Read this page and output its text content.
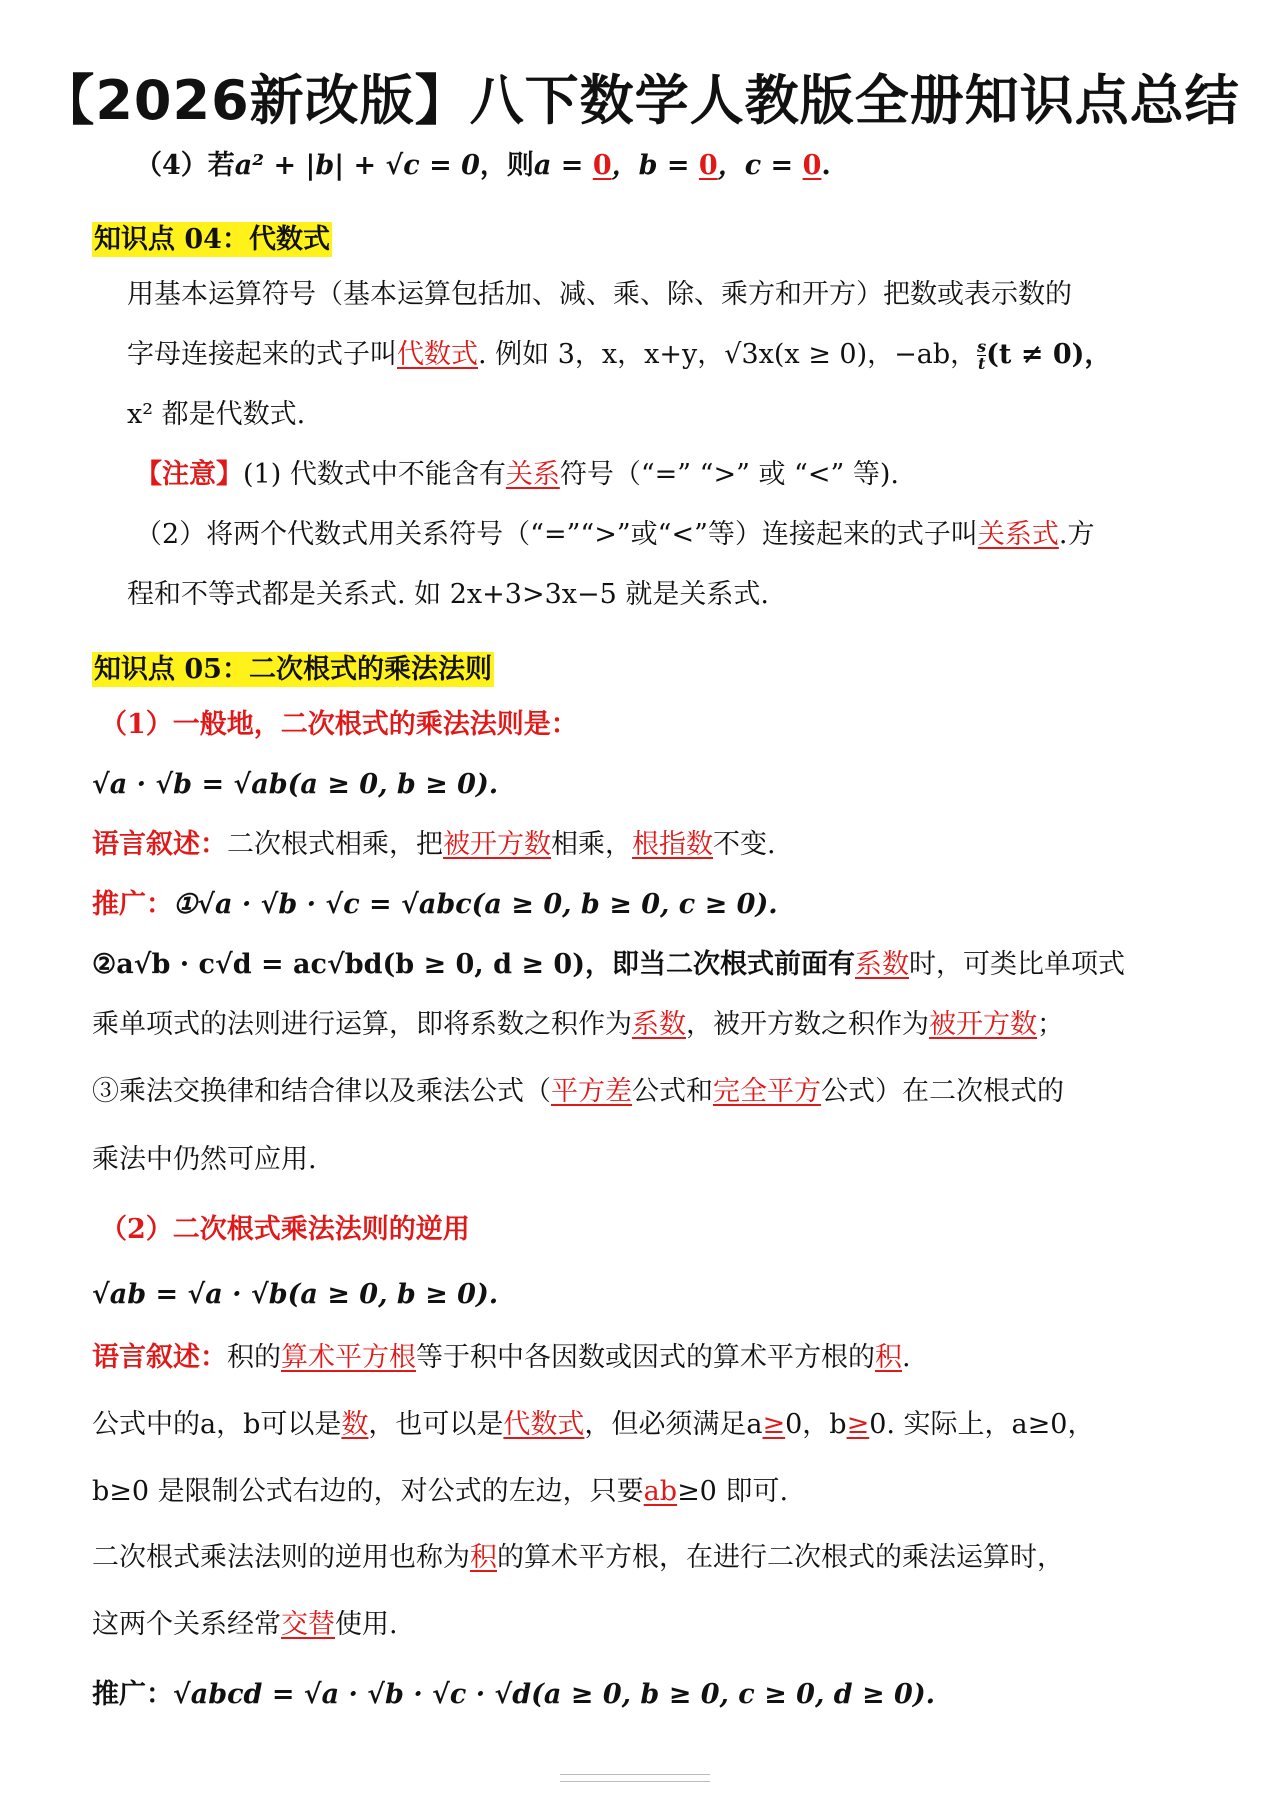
【2026新改版】八下数学人教版全册知识点总结
（4）若a² + |b| + √c = 0，则a = 0，b = 0，c = 0.
知识点 04：代数式
用基本运算符号（基本运算包括加、减、乘、除、乘方和开方）把数或表示数的
字母连接起来的式子叫代数式. 例如 3，x，x+y，√3x(x ≥ 0)，−ab， $\frac{s}{t} (t \ne 0)$，
x² 都是代数式.
【注意】(1) 代数式中不能含有关系符号（“=” “>” 或 “<” 等).
（2）将两个代数式用关系符号（“=”“>”或“<”等）连接起来的式子叫关系式.方
程和不等式都是关系式. 如 2x+3>3x−5 就是关系式.
知识点 05：二次根式的乘法法则
（1）一般地，二次根式的乘法法则是：
√a · √b = √ab(a ≥ 0, b ≥ 0).
语言叙述：二次根式相乘，把被开方数相乘，根指数不变.
推广：①√a · √b · √c = √abc(a ≥ 0, b ≥ 0, c ≥ 0).
②a√b · c√d = ac√bd(b ≥ 0, d ≥ 0)，即当二次根式前面有系数时，可类比单项式
乘单项式的法则进行运算，即将系数之积作为系数，被开方数之积作为被开方数；
③乘法交换律和结合律以及乘法公式（平方差公式和完全平方公式）在二次根式的
乘法中仍然可应用.
（2）二次根式乘法法则的逆用
√ab = √a · √b(a ≥ 0, b ≥ 0).
语言叙述：积的算术平方根等于积中各因数或因式的算术平方根的积.
公式中的a，b可以是数，也可以是代数式，但必须满足a≥0，b≥0. 实际上，a≥0，
b≥0 是限制公式右边的，对公式的左边，只要ab≥0 即可.
二次根式乘法法则的逆用也称为积的算术平方根，在进行二次根式的乘法运算时，
这两个关系经常交替使用.
推广：√abcd = √a · √b · √c · √d(a ≥ 0, b ≥ 0, c ≥ 0, d ≥ 0).
